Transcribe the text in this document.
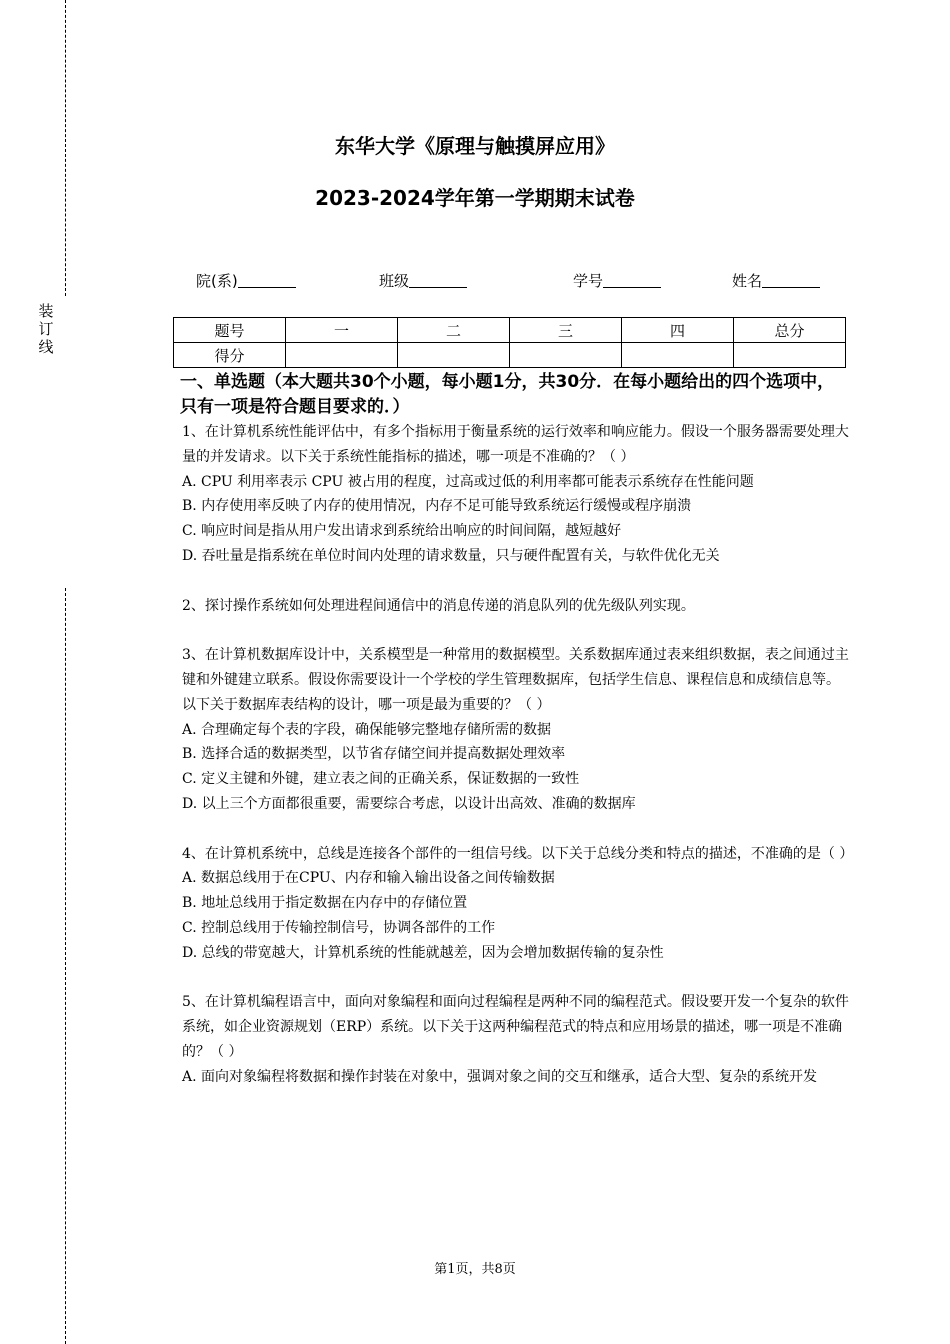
装订线
东华大学《原理与触摸屏应用》
2023-2024学年第一学期期末试卷
院(系)	班级	学号	姓名
题号	一	二	三	四	总分
得分					
一、单选题（本大题共30个小题，每小题1分，共30分．在每小题给出的四个选项中，只有一项是符合题目要求的．）

1、在计算机系统性能评估中，有多个指标用于衡量系统的运行效率和响应能力。假设一个服务器需要处理大量的并发请求。以下关于系统性能指标的描述，哪一项是不准确的？（ ）

A. CPU 利用率表示 CPU 被占用的程度，过高或过低的利用率都可能表示系统存在性能问题

B. 内存使用率反映了内存的使用情况，内存不足可能导致系统运行缓慢或程序崩溃

C. 响应时间是指从用户发出请求到系统给出响应的时间间隔，越短越好

D. 吞吐量是指系统在单位时间内处理的请求数量，只与硬件配置有关，与软件优化无关

2、探讨操作系统如何处理进程间通信中的消息传递的消息队列的优先级队列实现。

3、在计算机数据库设计中，关系模型是一种常用的数据模型。关系数据库通过表来组织数据，表之间通过主键和外键建立联系。假设你需要设计一个学校的学生管理数据库，包括学生信息、课程信息和成绩信息等。以下关于数据库表结构的设计，哪一项是最为重要的？（ ）

A. 合理确定每个表的字段，确保能够完整地存储所需的数据

B. 选择合适的数据类型，以节省存储空间并提高数据处理效率

C. 定义主键和外键，建立表之间的正确关系，保证数据的一致性

D. 以上三个方面都很重要，需要综合考虑，以设计出高效、准确的数据库

4、在计算机系统中，总线是连接各个部件的一组信号线。以下关于总线分类和特点的描述，不准确的是（ ）

A. 数据总线用于在CPU、内存和输入输出设备之间传输数据

B. 地址总线用于指定数据在内存中的存储位置

C. 控制总线用于传输控制信号，协调各部件的工作

D. 总线的带宽越大，计算机系统的性能就越差，因为会增加数据传输的复杂性

5、在计算机编程语言中，面向对象编程和面向过程编程是两种不同的编程范式。假设要开发一个复杂的软件系统，如企业资源规划（ERP）系统。以下关于这两种编程范式的特点和应用场景的描述，哪一项是不准确的？（ ）

A. 面向对象编程将数据和操作封装在对象中，强调对象之间的交互和继承，适合大型、复杂的系统开发

第1页，共8页
